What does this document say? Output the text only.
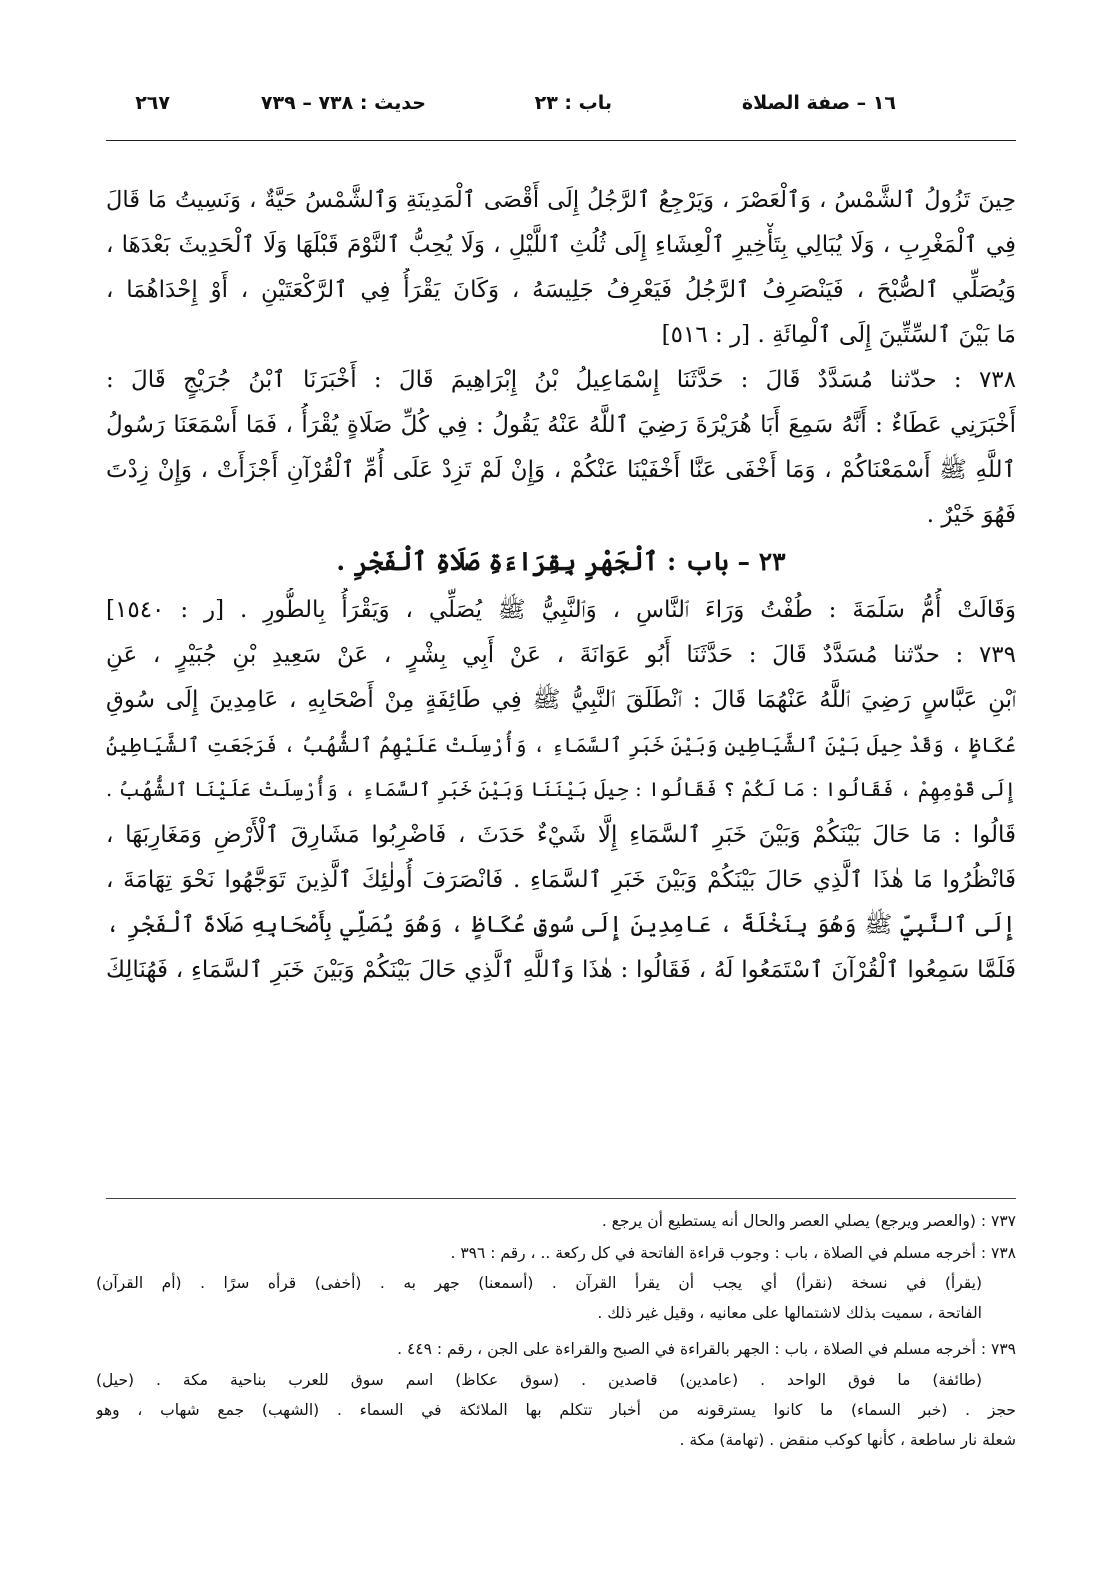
١٦ – صفة الصلاة
باب : ٢٣
حديث : ٧٣٨ – ٧٣٩
٢٦٧
حِينَ تَزُولُ ٱلشَّمْسُ ، وَٱلْعَصْرَ ، وَيَرْجِعُ ٱلرَّجُلُ إِلَى أَقْصَى ٱلْمَدِينَةِ وَٱلشَّمْسُ حَيَّةٌ ، وَنَسِيتُ مَا قَالَ
فِي ٱلْمَغْرِبِ ، وَلَا يُبَالِي بِتَأْخِيرِ ٱلْعِشَاءِ إِلَى ثُلُثِ ٱللَّيْلِ ، وَلَا يُحِبُّ ٱلنَّوْمَ قَبْلَهَا وَلَا ٱلْحَدِيثَ بَعْدَهَا ،
وَيُصَلِّي ٱلصُّبْحَ ، فَيَنْصَرِفُ ٱلرَّجُلُ فَيَعْرِفُ جَلِيسَهُ ، وَكَانَ يَقْرَأُ فِي ٱلرَّكْعَتَيْنِ ، أَوْ إِحْدَاهُمَا ،
مَا بَيْنَ ٱلسِّتِّينَ إِلَى ٱلْمِائَةِ . [ر : ٥١٦]
٧٣٨ : حدّثنا مُسَدَّدٌ قَالَ : حَدَّثَنَا إِسْمَاعِيلُ بْنُ إِبْرَاهِيمَ قَالَ : أَخْبَرَنَا ٱبْنُ جُرَيْجٍ قَالَ :
أَخْبَرَنِي عَطَاءٌ : أَنَّهُ سَمِعَ أَبَا هُرَيْرَةَ رَضِيَ ٱللَّهُ عَنْهُ يَقُولُ : فِي كُلِّ صَلَاةٍ يُقْرَأُ ، فَمَا أَسْمَعَنَا رَسُولُ
ٱللَّهِ ﷺ أَسْمَعْنَاكُمْ ، وَمَا أَخْفَى عَنَّا أَخْفَيْنَا عَنْكُمْ ، وَإِنْ لَمْ تَزِدْ عَلَى أُمِّ ٱلْقُرْآنِ أَجْزَأَتْ ، وَإِنْ زِدْتَ
فَهُوَ خَيْرٌ .
٢٣ – باب : ٱلْجَهْرِ بِقِرَاءَةِ صَلَاةِ ٱلْفَجْرِ .
وَقَالَتْ أُمُّ سَلَمَةَ : طُفْتُ وَرَاءَ ٱلنَّاسِ ، وَٱلنَّبِيُّ ﷺ يُصَلِّي ، وَيَقْرَأُ بِالطُّورِ . [ر : ١٥٤٠]
٧٣٩ : حدّثنا مُسَدَّدٌ قَالَ : حَدَّثَنَا أَبُو عَوَانَةَ ، عَنْ أَبِي بِشْرٍ ، عَنْ سَعِيدِ بْنِ جُبَيْرٍ ، عَنِ
ٱبْنِ عَبَّاسٍ رَضِيَ ٱللَّهُ عَنْهُمَا قَالَ : ٱنْطَلَقَ ٱلنَّبِيُّ ﷺ فِي طَائِفَةٍ مِنْ أَصْحَابِهِ ، عَامِدِينَ إِلَى سُوقِ
عُكَاظٍ ، وَقَدْ حِيلَ بَيْنَ ٱلشَّيَاطِينِ وَبَيْنَ خَبَرِ ٱلسَّمَاءِ ، وَأُرْسِلَتْ عَلَيْهِمُ ٱلشُّهُبُ ، فَرَجَعَتِ ٱلشَّيَاطِينُ
إِلَى قَوْمِهِمْ ، فَقَالُوا : مَا لَكُمْ ؟ فَقَالُوا : حِيلَ بَيْنَنَا وَبَيْنَ خَبَرِ ٱلسَّمَاءِ ، وَأُرْسِلَتْ عَلَيْنَا ٱلشُّهُبُ .
قَالُوا : مَا حَالَ بَيْنَكُمْ وَبَيْنَ خَبَرِ ٱلسَّمَاءِ إِلَّا شَيْءٌ حَدَثَ ، فَاضْرِبُوا مَشَارِقَ ٱلْأَرْضِ وَمَغَارِبَهَا ،
فَانْظُرُوا مَا هٰذَا ٱلَّذِي حَالَ بَيْنَكُمْ وَبَيْنَ خَبَرِ ٱلسَّمَاءِ . فَانْصَرَفَ أُولٰئِكَ ٱلَّذِينَ تَوَجَّهُوا نَحْوَ تِهَامَةَ ،
إِلَى ٱلنَّبِيِّ ﷺ وَهُوَ بِنَخْلَةَ ، عَامِدِينَ إِلَى سُوقِ عُكَاظٍ ، وَهُوَ يُصَلِّي بِأَصْحَابِهِ صَلَاةَ ٱلْفَجْرِ ،
فَلَمَّا سَمِعُوا ٱلْقُرْآنَ ٱسْتَمَعُوا لَهُ ، فَقَالُوا : هٰذَا وَٱللَّهِ ٱلَّذِي حَالَ بَيْنَكُمْ وَبَيْنَ خَبَرِ ٱلسَّمَاءِ ، فَهُنَالِكَ
٧٣٧ : (والعصر ويرجع) يصلي العصر والحال أنه يستطيع أن يرجع .
٧٣٨ : أخرجه مسلم في الصلاة ، باب : وجوب قراءة الفاتحة في كل ركعة .. ، رقم : ٣٩٦ .
(يقرأ) في نسخة (نقرأ) أي يجب أن يقرأ القرآن . (أسمعنا) جهر به . (أخفى) قرأه سرًا . (أم القرآن)
الفاتحة ، سميت بذلك لاشتمالها على معانيه ، وقيل غير ذلك .
٧٣٩ : أخرجه مسلم في الصلاة ، باب : الجهر بالقراءة في الصبح والقراءة على الجن ، رقم : ٤٤٩ .
(طائفة) ما فوق الواحد . (عامدين) قاصدين . (سوق عكاظ) اسم سوق للعرب بناحية مكة . (حيل)
حجز . (خبر السماء) ما كانوا يسترقونه من أخبار تتكلم بها الملائكة في السماء . (الشهب) جمع شهاب ، وهو
شعلة نار ساطعة ، كأنها كوكب منقض . (تهامة) مكة .
